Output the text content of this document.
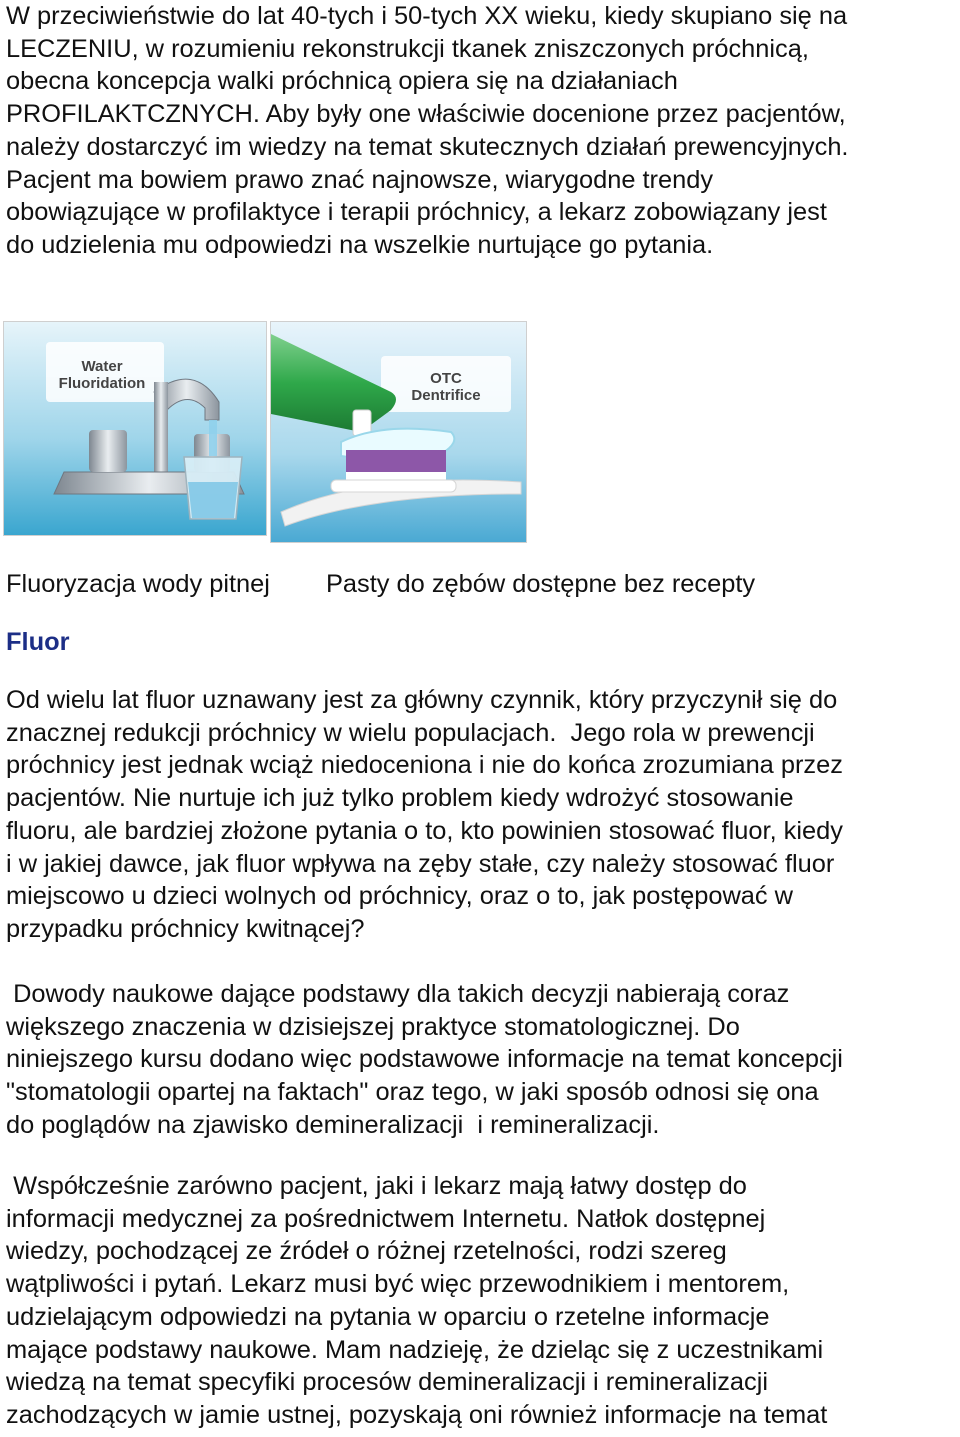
W przeciwieństwie do lat 40-tych i 50-tych XX wieku, kiedy skupiano się na
LECZENIU, w rozumieniu rekonstrukcji tkanek zniszczonych próchnicą,
obecna koncepcja walki próchnicą opiera się na działaniach
PROFILAKTCZNYCH. Aby były one właściwie docenione przez pacjentów,
należy dostarczyć im wiedzy na temat skutecznych działań prewencyjnych.
Pacjent ma bowiem prawo znać najnowsze, wiarygodne trendy
obowiązujące w profilaktyce i terapii próchnicy, a lekarz zobowiązany jest
do udzielenia mu odpowiedzi na wszelkie nurtujące go pytania.

Water
Fluoridation	OTC
Dentrifice
Fluoryzacja wody pitnej Pasty do zębów dostępne bez recepty
Fluor

Od wielu lat fluor uznawany jest za główny czynnik, który przyczynił się do
znacznej redukcji próchnicy w wielu populacjach.  Jego rola w prewencji
próchnicy jest jednak wciąż niedoceniona i nie do końca zrozumiana przez
pacjentów. Nie nurtuje ich już tylko problem kiedy wdrożyć stosowanie
fluoru, ale bardziej złożone pytania o to, kto powinien stosować fluor, kiedy
i w jakiej dawce, jak fluor wpływa na zęby stałe, czy należy stosować fluor
miejscowo u dzieci wolnych od próchnicy, oraz o to, jak postępować w
przypadku próchnicy kwitnącej?

Dowody naukowe dające podstawy dla takich decyzji nabierają coraz
większego znaczenia w dzisiejszej praktyce stomatologicznej. Do
niniejszego kursu dodano więc podstawowe informacje na temat koncepcji
"stomatologii opartej na faktach" oraz tego, w jaki sposób odnosi się ona
do poglądów na zjawisko demineralizacji  i remineralizacji.

Współcześnie zarówno pacjent, jaki i lekarz mają łatwy dostęp do
informacji medycznej za pośrednictwem Internetu. Natłok dostępnej
wiedzy, pochodzącej ze źródeł o różnej rzetelności, rodzi szereg
wątpliwości i pytań. Lekarz musi być więc przewodnikiem i mentorem,
udzielającym odpowiedzi na pytania w oparciu o rzetelne informacje
mające podstawy naukowe. Mam nadzieję, że dzieląc się z uczestnikami
wiedzą na temat specyfiki procesów demineralizacji i remineralizacji
zachodzących w jamie ustnej, pozyskają oni również informacje na temat
